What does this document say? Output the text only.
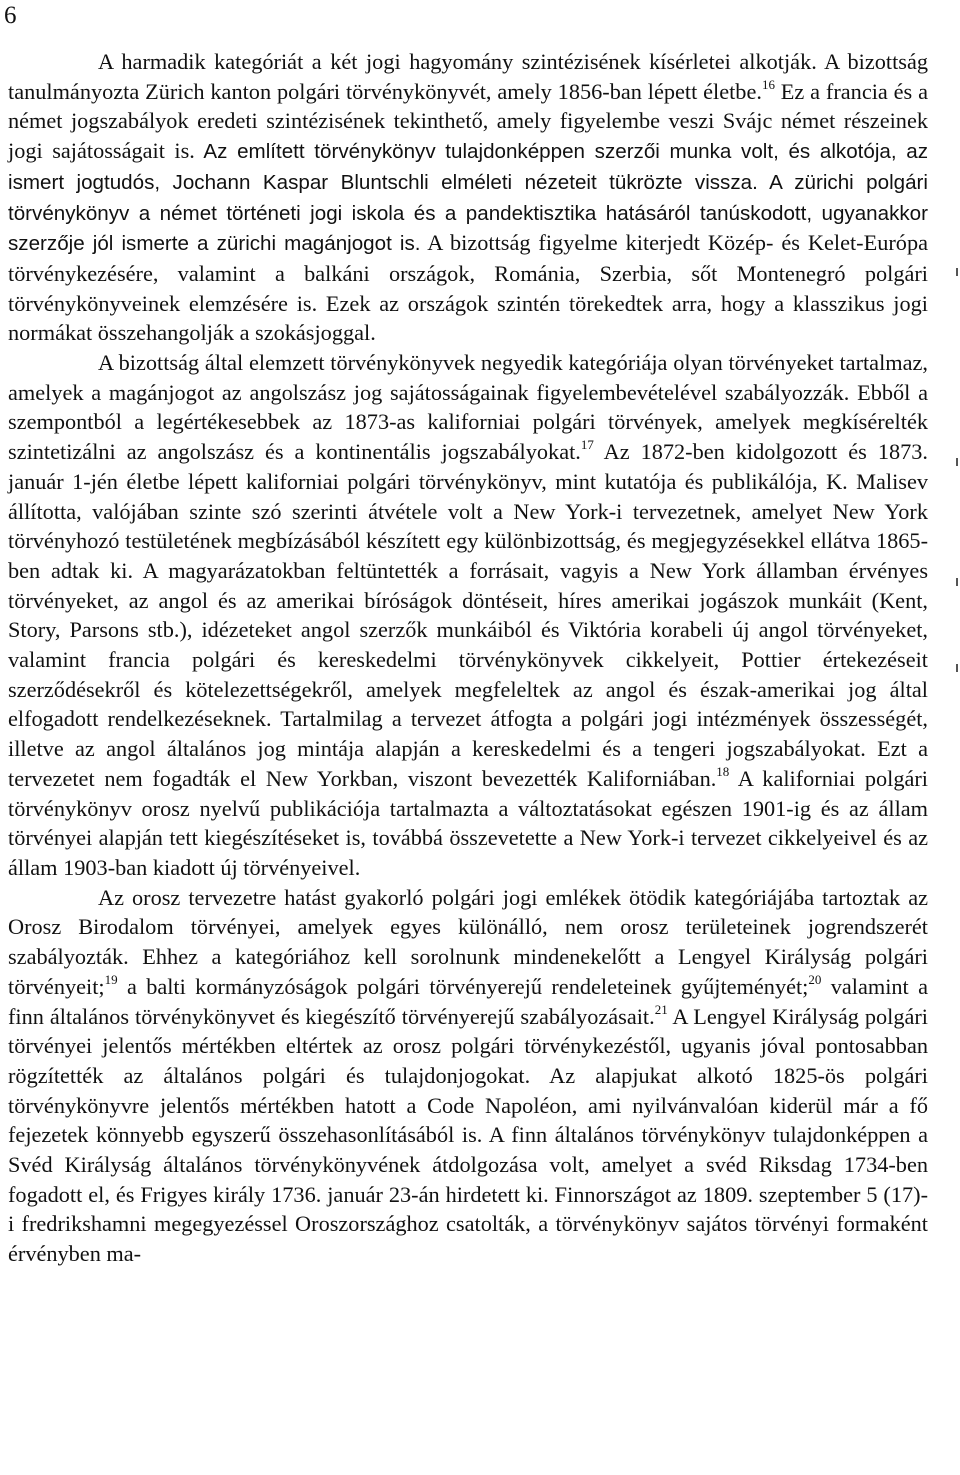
6

A harmadik kategóriát a két jogi hagyomány szintézisének kísérletei alkotják. A bizottság tanulmányozta Zürich kanton polgári törvénykönyvét, amely 1856-ban lépett életbe.$^{16}$ Ez a francia és a német jogszabályok eredeti szintézisének tekinthető, amely figyelembe veszi Svájc német részeinek jogi sajátosságait is. Az említett törvénykönyv tulajdonképpen szerzői munka volt, és alkotója, az ismert jogtudós, Jochann Kaspar Bluntschli elméleti nézeteit tükrözte vissza. A zürichi polgári törvénykönyv a német történeti jogi iskola és a pandektisztika hatásáról tanúskodott, ugyanakkor szerzője jól ismerte a zürichi magánjogot is. A bizottság figyelme kiterjedt Közép- és Kelet-Európa törvénykezésére, valamint a balkáni országok, Románia, Szerbia, sőt Montenegró polgári törvénykönyveinek elemzésére is. Ezek az országok szintén törekedtek arra, hogy a klasszikus jogi normákat összehangolják a szokásjoggal.

A bizottság által elemzett törvénykönyvek negyedik kategóriája olyan törvényeket tartalmaz, amelyek a magánjogot az angolszász jog sajátosságainak figyelembevételével szabályozzák. Ebből a szempontból a legértékesebbek az 1873-as kaliforniai polgári törvények, amelyek megkísérelték szintetizálni az angolszász és a kontinentális jogszabályokat.$^{17}$ Az 1872-ben kidolgozott és 1873. január 1-jén életbe lépett kaliforniai polgári törvénykönyv, mint kutatója és publikálója, K. Malisev állította, valójában szinte szó szerinti átvétele volt a New York-i tervezetnek, amelyet New York törvényhozó testületének megbízásából készített egy különbizottság, és megjegyzésekkel ellátva 1865-ben adtak ki. A magyarázatokban feltüntették a forrásait, vagyis a New York államban érvényes törvényeket, az angol és az amerikai bíróságok döntéseit, híres amerikai jogászok munkáit (Kent, Story, Parsons stb.), idézeteket angol szerzők munkáiból és Viktória korabeli új angol törvényeket, valamint francia polgári és kereskedelmi törvénykönyvek cikkelyeit, Pottier értekezéseit szerződésekről és kötelezettségekről, amelyek megfeleltek az angol és észak-amerikai jog által elfogadott rendelkezéseknek. Tartalmilag a tervezet átfogta a polgári jogi intézmények összességét, illetve az angol általános jog mintája alapján a kereskedelmi és a tengeri jogszabályokat. Ezt a tervezetet nem fogadták el New Yorkban, viszont bevezették Kaliforniában.$^{18}$ A kaliforniai polgári törvénykönyv orosz nyelvű publikációja tartalmazta a változtatásokat egészen 1901-ig és az állam törvényei alapján tett kiegészítéseket is, továbbá összevetette a New York-i tervezet cikkelyeivel és az állam 1903-ban kiadott új törvényeivel.

Az orosz tervezetre hatást gyakorló polgári jogi emlékek ötödik kategóriájába tartoztak az Orosz Birodalom törvényei, amelyek egyes különálló, nem orosz területeinek jogrendszerét szabályozták. Ehhez a kategóriához kell sorolnunk mindenekelőtt a Lengyel Királyság polgári törvényeit;$^{19}$ a balti kormányzóságok polgári törvényerejű rendeleteinek gyűjteményét;$^{20}$ valamint a finn általános törvénykönyvet és kiegészítő törvényerejű szabályozásait.$^{21}$ A Lengyel Királyság polgári törvényei jelentős mértékben eltértek az orosz polgári törvénykezéstől, ugyanis jóval pontosabban rögzítették az általános polgári és tulajdonjogokat. Az alapjukat alkotó 1825-ös polgári törvénykönyvre jelentős mértékben hatott a Code Napoléon, ami nyilvánvalóan kiderül már a fő fejezetek könnyebb egyszerű összehasonlításából is. A finn általános törvénykönyv tulajdonképpen a Svéd Királyság általános törvénykönyvének átdolgozása volt, amelyet a svéd Riksdag 1734-ben fogadott el, és Frigyes király 1736. január 23-án hirdetett ki. Finnországot az 1809. szeptember 5 (17)-i fredrikshamni megegyezéssel Oroszországhoz csatolták, a törvénykönyv sajátos törvényi formaként érvényben ma-
